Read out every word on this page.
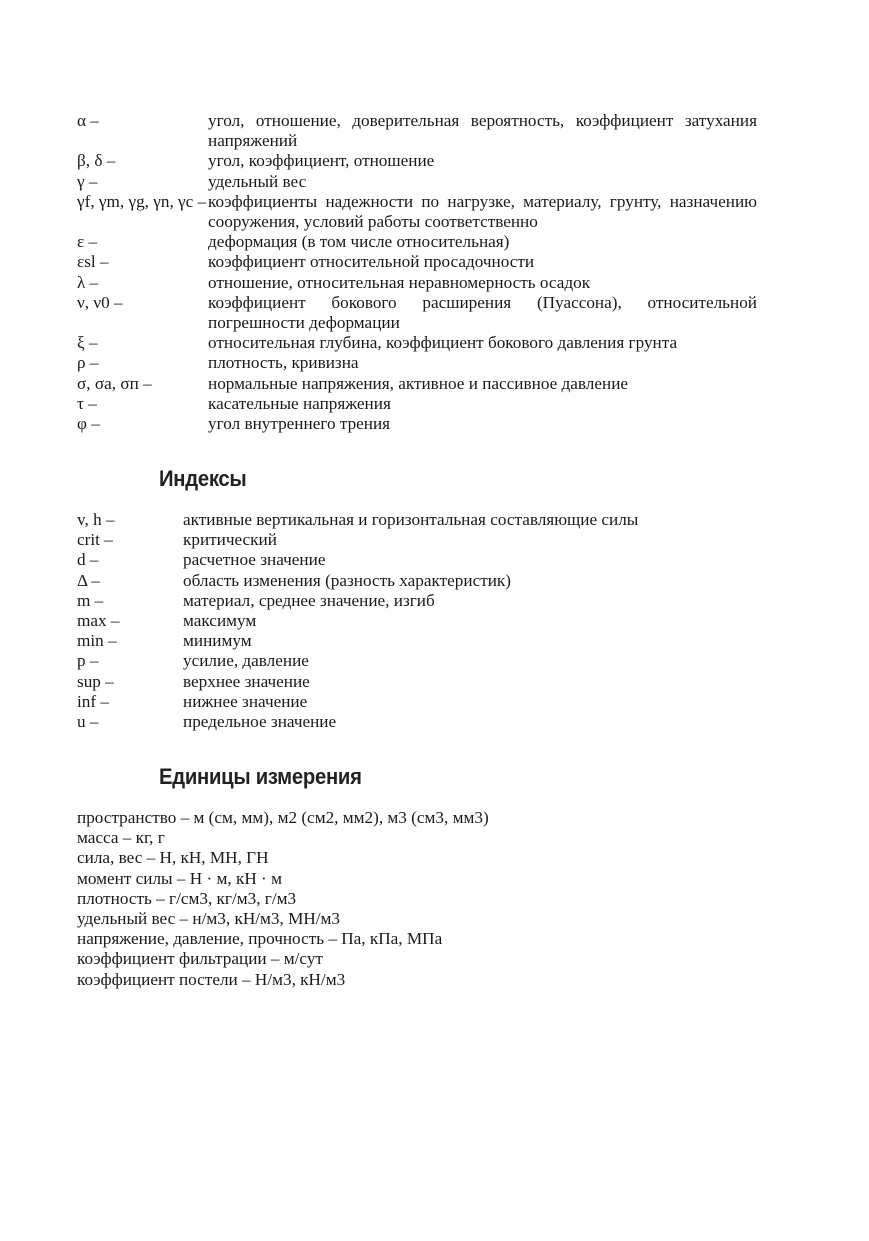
α –	угол, отношение, доверительная вероятность, коэффициент затухания напряжений
β, δ –	угол, коэффициент, отношение
γ –	удельный вес
γf, γm, γg, γn, γc – коэффициенты надежности по нагрузке, материалу, грунту, назначению сооружения, условий работы соответственно
ε –	деформация (в том числе относительная)
εsl –	коэффициент относительной просадочности
λ –	отношение, относительная неравномерность осадок
ν, ν0 –	коэффициент бокового расширения (Пуассона), относительной погрешности деформации
ξ –	относительная глубина, коэффициент бокового давления грунта
ρ –	плотность, кривизна
σ, σa, σп –	нормальные напряжения, активное и пассивное давление
τ –	касательные напряжения
φ –	угол внутреннего трения
Индексы
v, h –	активные вертикальная и горизонтальная составляющие силы
crit –	критический
d –	расчетное значение
Δ –	область изменения (разность характеристик)
m –	материал, среднее значение, изгиб
max –	максимум
min –	минимум
p –	усилие, давление
sup –	верхнее значение
inf –	нижнее значение
u –	предельное значение
Единицы измерения
пространство – м (см, мм), м2 (см2, мм2), м3 (см3, мм3)
масса – кг, г
сила, вес – Н, кН, МН, ГН
момент силы – Н · м, кН · м
плотность – г/см3, кг/м3, г/м3
удельный вес – н/м3, кН/м3, МН/м3
напряжение, давление, прочность – Па, кПа, МПа
коэффициент фильтрации – м/сут
коэффициент постели – Н/м3, кН/м3
